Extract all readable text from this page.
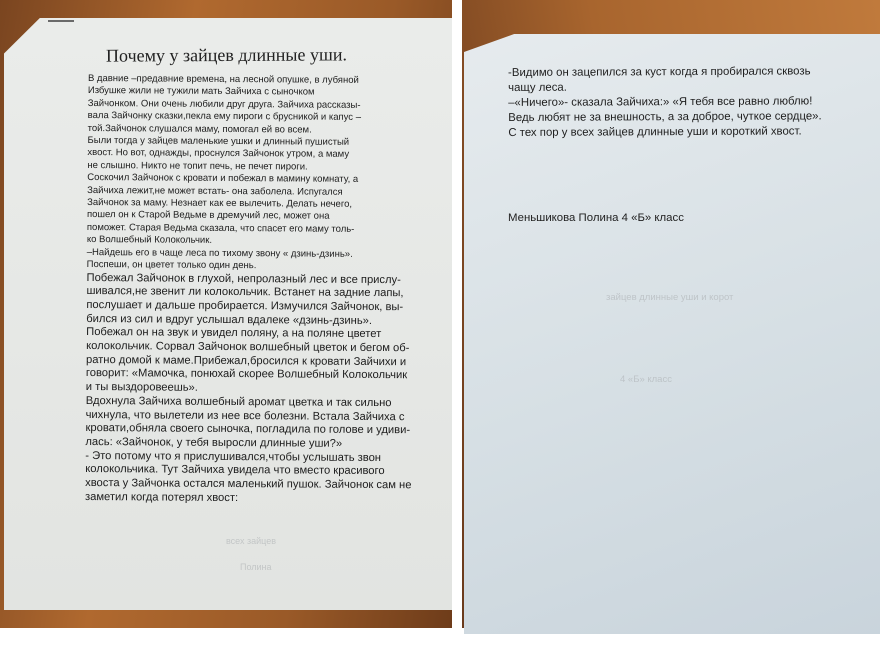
всех зайцев
Полина
Почему у зайцев длинные уши.

В давние –предавние времена, на лесной опушке, в лубяной

Избушке жили не тужили мать Зайчиха с сыночком

Зайчонком. Они очень любили друг друга. Зайчиха рассказы-

вала Зайчонку сказки,пекла ему пироги с брусникой и капус –

той.Зайчонок слушался маму, помогал ей во всем.

Были тогда у зайцев маленькие ушки и длинный пушистый

хвост. Но вот, однажды, проснулся Зайчонок утром, а маму

не слышно. Никто не топит печь, не печет пироги.

Соскочил Зайчонок с кровати и побежал в мамину комнату, а

Зайчиха лежит,не может встать- она заболела. Испугался

Зайчонок за маму. Незнает как ее вылечить. Делать нечего,

пошел он к Старой Ведьме в дремучий лес, может она

поможет. Старая Ведьма сказала, что спасет его маму толь-

ко Волшебный Колокольчик.

–Найдешь его в чаще леса по тихому звону « дзинь-дзинь».

Поспеши, он цветет только один день.

Побежал Зайчонок в глухой, непролазный лес и все прислу-

шивался,не звенит ли колокольчик. Встанет на задние лапы,

послушает и дальше пробирается. Измучился Зайчонок, вы-

бился из сил и вдруг услышал вдалеке «дзинь-дзинь».

Побежал он на звук и увидел поляну, а на поляне цветет

колокольчик. Сорвал Зайчонок волшебный цветок и бегом об-

ратно домой к маме.Прибежал,бросился к кровати Зайчихи и

говорит: «Мамочка, понюхай скорее Волшебный Колокольчик

и ты выздоровеешь».

Вдохнула Зайчиха волшебный аромат цветка и так сильно

чихнула, что вылетели из нее все болезни. Встала Зайчиха с

кровати,обняла своего сыночка, погладила по голове и удиви-

лась: «Зайчонок, у тебя выросли длинные уши?»

- Это потому что я прислушивался,чтобы услышать звон

колокольчика. Тут Зайчиха увидела что вместо красивого

хвоста у Зайчонка остался маленький пушок. Зайчонок сам не

заметил когда потерял хвост:

зайцев длинные уши и корот
4 «Б» класс

-Видимо он зацепился за куст когда я пробирался сквозь

чащу леса.

–«Ничего»- сказала Зайчиха:» «Я тебя все равно люблю!

Ведь любят не за внешность, а за доброе, чуткое сердце».

С тех пор у всех зайцев длинные уши и короткий хвост.

Меньшикова Полина 4 «Б» класс
